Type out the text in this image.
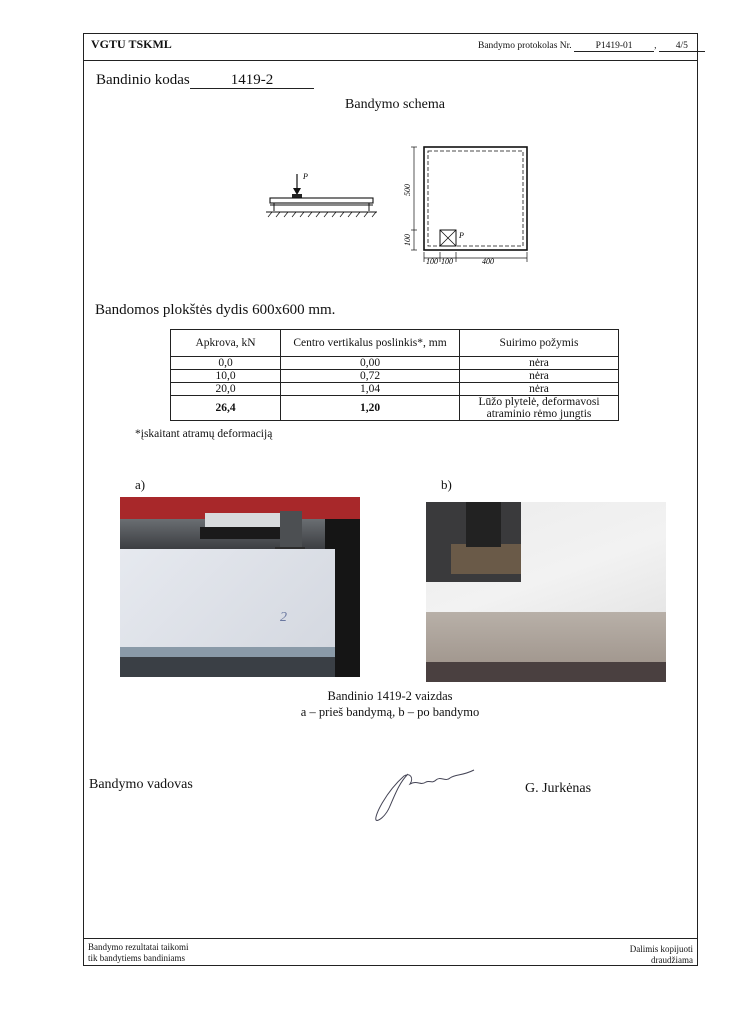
VGTU TSKML	Bandymo protokolas Nr.	P1419-01 , 4/5
Bandinio kodas	1419-2
Bandymo schema
P
P
500
100
100 100	400
Bandomos plokštės dydis 600x600 mm.
Apkrova, kN	Centro vertikalus poslinkis*, mm	Suirimo požymis
0,0	0,00	nėra
10,0	0,72	nėra
20,0	1,04	nėra
26,4	1,20	Lūžo plytelė, deformavosi atraminio rėmo jungtis
*įskaitant atramų deformaciją
a)	b)
2
Bandinio 1419-2 vaizdas
a – prieš bandymą, b – po bandymo
Bandymo vadovas	G. Jurkėnas
Bandymo rezultatai taikomi
tik bandytiems bandiniams
Dalimis kopijuoti
draudžiama
